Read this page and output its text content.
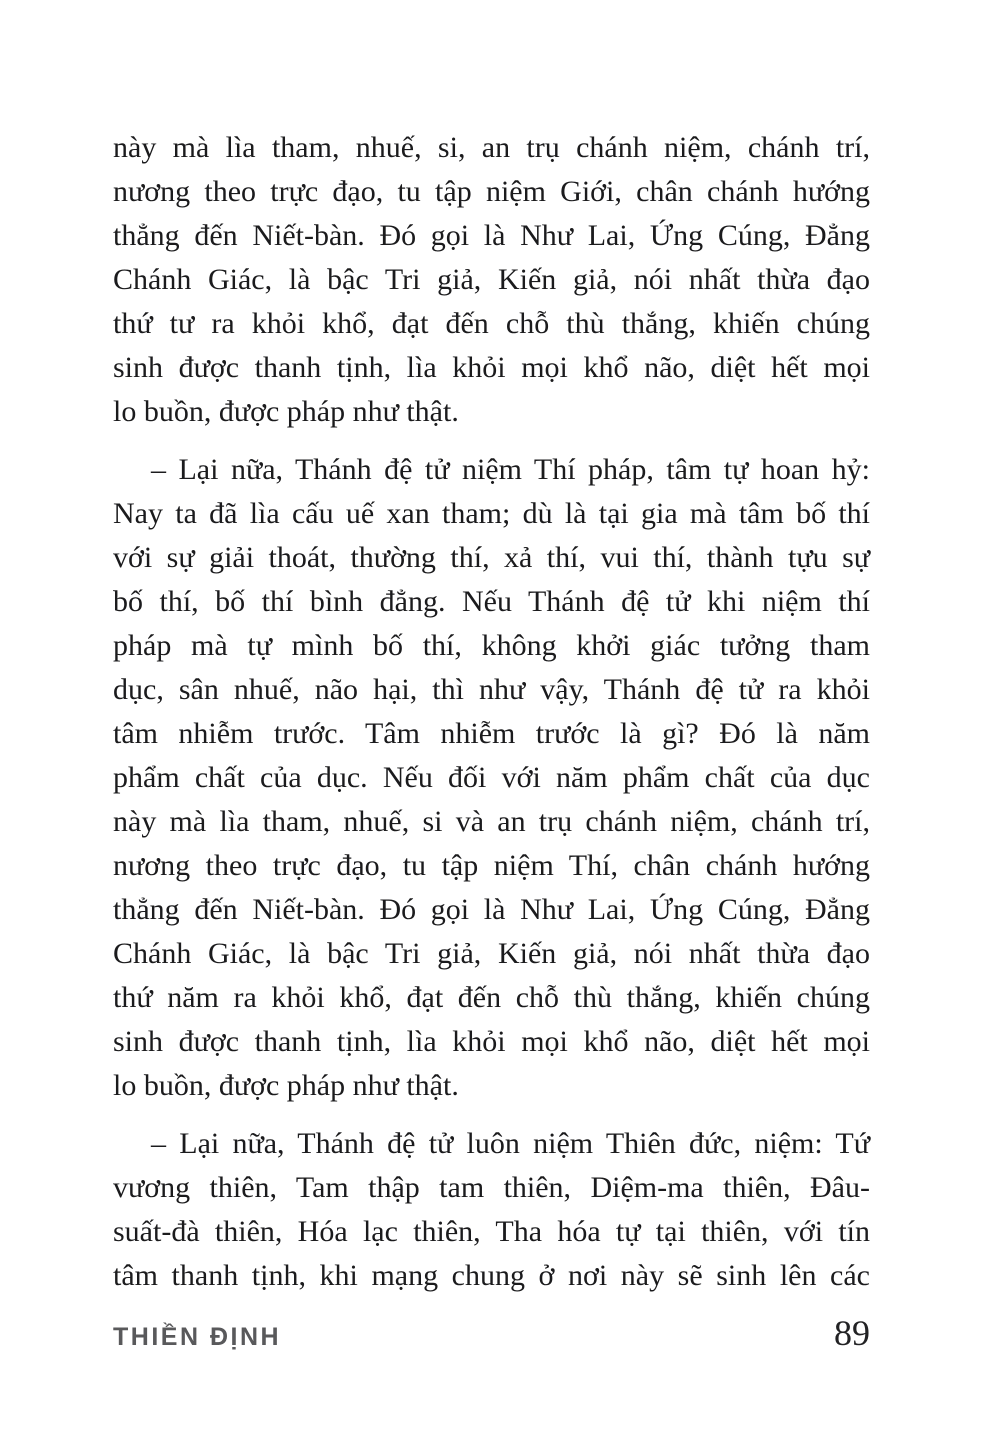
này mà lìa tham, nhuế, si, an trụ chánh niệm, chánh trí,
nương theo trực đạo, tu tập niệm Giới, chân chánh hướng
thẳng đến Niết-bàn. Đó gọi là Như Lai, Ứng Cúng, Đẳng
Chánh Giác, là bậc Tri giả, Kiến giả, nói nhất thừa đạo
thứ tư ra khỏi khổ, đạt đến chỗ thù thắng, khiến chúng
sinh được thanh tịnh, lìa khỏi mọi khổ não, diệt hết mọi
lo buồn, được pháp như thật.
– Lại nữa, Thánh đệ tử niệm Thí pháp, tâm tự hoan hỷ:
Nay ta đã lìa cấu uế xan tham; dù là tại gia mà tâm bố thí
với sự giải thoát, thường thí, xả thí, vui thí, thành tựu sự
bố thí, bố thí bình đẳng. Nếu Thánh đệ tử khi niệm thí
pháp mà tự mình bố thí, không khởi giác tưởng tham
dục, sân nhuế, não hại, thì như vậy, Thánh đệ tử ra khỏi
tâm nhiễm trước. Tâm nhiễm trước là gì? Đó là năm
phẩm chất của dục. Nếu đối với năm phẩm chất của dục
này mà lìa tham, nhuế, si và an trụ chánh niệm, chánh trí,
nương theo trực đạo, tu tập niệm Thí, chân chánh hướng
thẳng đến Niết-bàn. Đó gọi là Như Lai, Ứng Cúng, Đẳng
Chánh Giác, là bậc Tri giả, Kiến giả, nói nhất thừa đạo
thứ năm ra khỏi khổ, đạt đến chỗ thù thắng, khiến chúng
sinh được thanh tịnh, lìa khỏi mọi khổ não, diệt hết mọi
lo buồn, được pháp như thật.
– Lại nữa, Thánh đệ tử luôn niệm Thiên đức, niệm: Tứ
vương thiên, Tam thập tam thiên, Diệm-ma thiên, Đâu-
suất-đà thiên, Hóa lạc thiên, Tha hóa tự tại thiên, với tín
tâm thanh tịnh, khi mạng chung ở nơi này sẽ sinh lên các
THIỀN ĐỊNH	89
